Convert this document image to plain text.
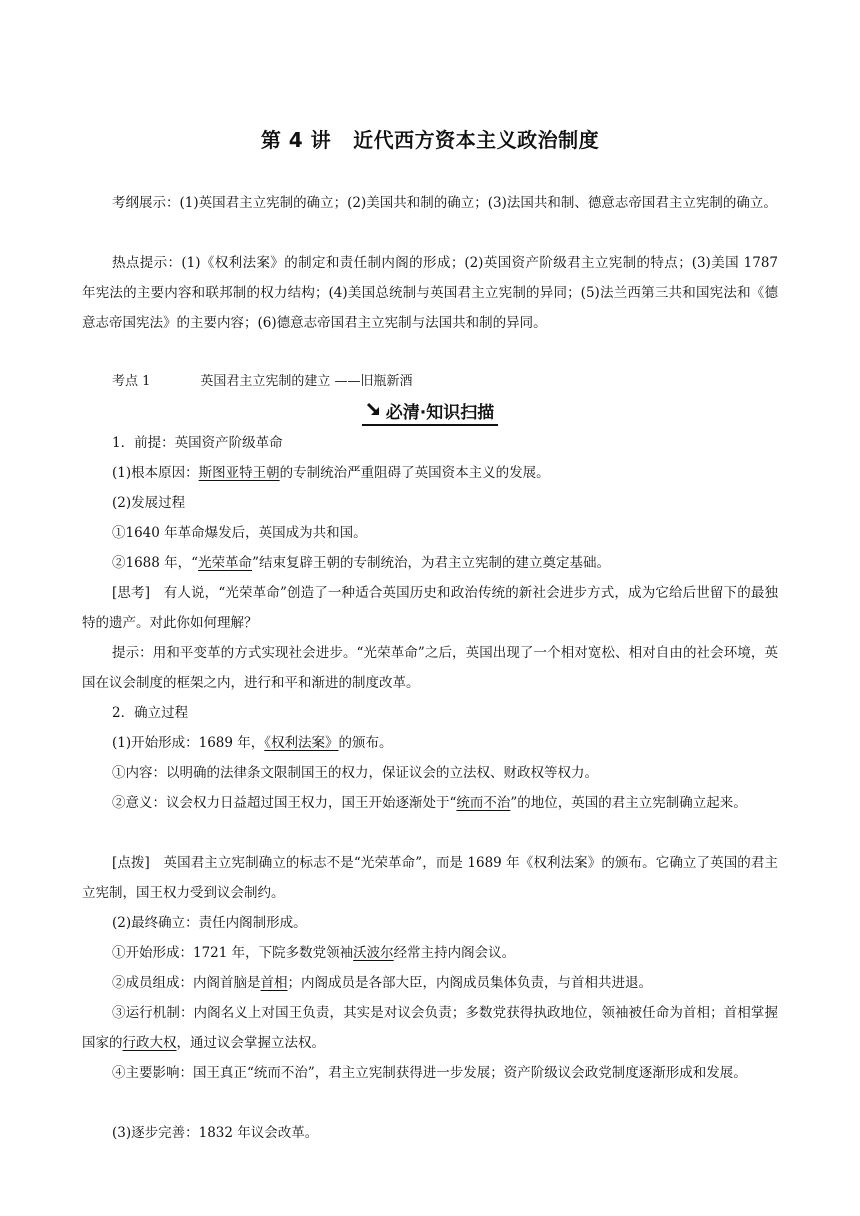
第 4 讲 近代西方资本主义政治制度
考纲展示：(1)英国君主立宪制的确立；(2)美国共和制的确立；(3)法国共和制、德意志帝国君主立宪制的确立。
热点提示：(1)《权利法案》的制定和责任制内阁的形成；(2)英国资产阶级君主立宪制的特点；(3)美国 1787 年宪法的主要内容和联邦制的权力结构；(4)美国总统制与英国君主立宪制的异同；(5)法兰西第三共和国宪法和《德意志帝国宪法》的主要内容；(6)德意志帝国君主立宪制与法国共和制的异同。
考点 1	英国君主立宪制的建立 ——旧瓶新酒
必清·知识扫描
1．前提：英国资产阶级革命
(1)根本原因：斯图亚特王朝的专制统治严重阻碍了英国资本主义的发展。
(2)发展过程
①1640 年革命爆发后，英国成为共和国。
②1688 年，“光荣革命”结束复辟王朝的专制统治，为君主立宪制的建立奠定基础。
[思考]　有人说，“光荣革命”创造了一种适合英国历史和政治传统的新社会进步方式，成为它给后世留下的最独特的遗产。对此你如何理解？
提示：用和平变革的方式实现社会进步。“光荣革命”之后，英国出现了一个相对宽松、相对自由的社会环境，英国在议会制度的框架之内，进行和平和渐进的制度改革。
2．确立过程
(1)开始形成：1689 年，《权利法案》的颁布。
①内容：以明确的法律条文限制国王的权力，保证议会的立法权、财政权等权力。
②意义：议会权力日益超过国王权力，国王开始逐渐处于“统而不治”的地位，英国的君主立宪制确立起来。
[点拨]　英国君主立宪制确立的标志不是“光荣革命”，而是 1689 年《权利法案》的颁布。它确立了英国的君主立宪制，国王权力受到议会制约。
(2)最终确立：责任内阁制形成。
①开始形成：1721 年，下院多数党领袖沃波尔经常主持内阁会议。
②成员组成：内阁首脑是首相；内阁成员是各部大臣，内阁成员集体负责，与首相共进退。
③运行机制：内阁名义上对国王负责，其实是对议会负责；多数党获得执政地位，领袖被任命为首相；首相掌握国家的行政大权，通过议会掌握立法权。
④主要影响：国王真正“统而不治”，君主立宪制获得进一步发展；资产阶级议会政党制度逐渐形成和发展。
(3)逐步完善：1832 年议会改革。
